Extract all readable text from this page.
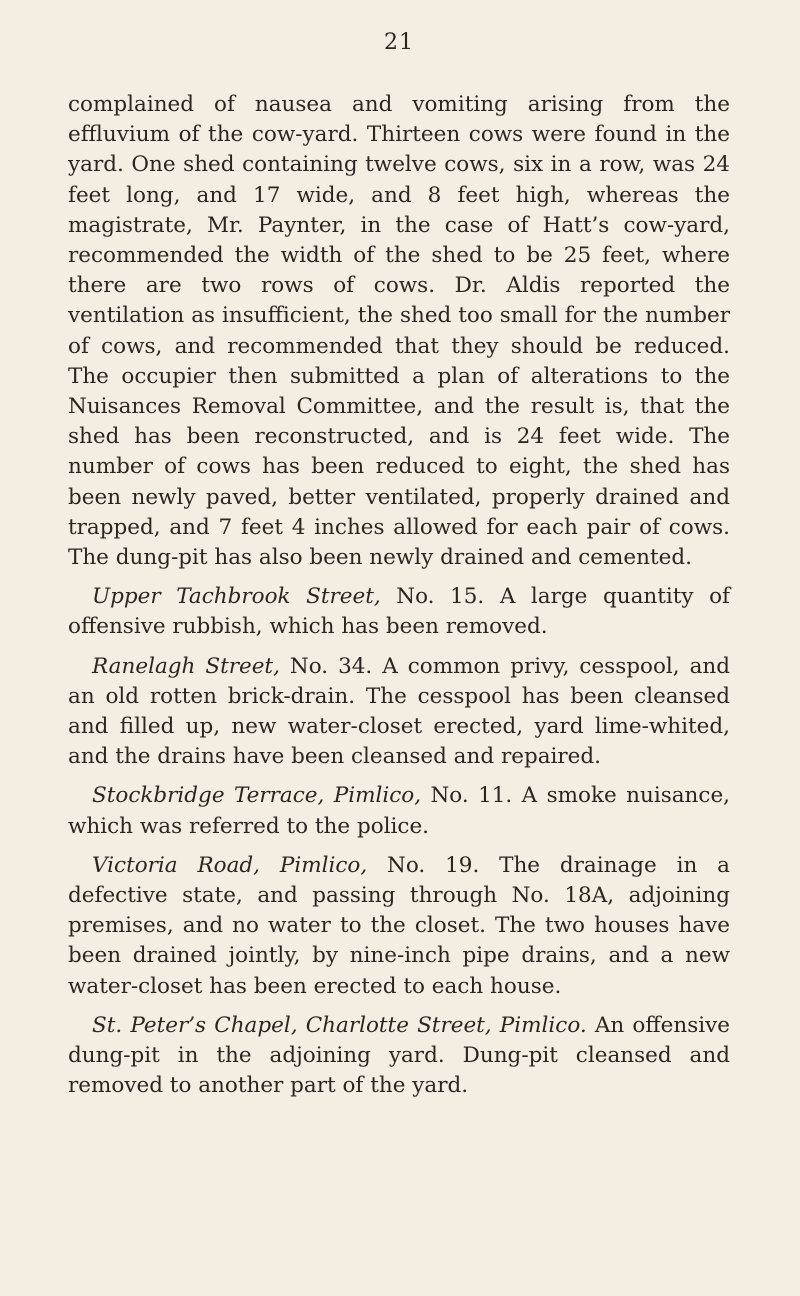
21

complained of nausea and vomiting arising from the effluvium of the cow-yard. Thirteen cows were found in the yard. One shed containing twelve cows, six in a row, was 24 feet long, and 17 wide, and 8 feet high, whereas the magistrate, Mr. Paynter, in the case of Hatt’s cow-yard, recommended the width of the shed to be 25 feet, where there are two rows of cows. Dr. Aldis reported the ventilation as insufficient, the shed too small for the number of cows, and recommended that they should be reduced. The occupier then submitted a plan of alterations to the Nuisances Removal Committee, and the result is, that the shed has been reconstructed, and is 24 feet wide. The number of cows has been reduced to eight, the shed has been newly paved, better ventilated, properly drained and trapped, and 7 feet 4 inches allowed for each pair of cows. The dung-pit has also been newly drained and cemented.

Upper Tachbrook Street, No. 15. A large quantity of offensive rubbish, which has been removed.

Ranelagh Street, No. 34. A common privy, cesspool, and an old rotten brick-drain. The cesspool has been cleansed and filled up, new water-closet erected, yard lime-whited, and the drains have been cleansed and repaired.

Stockbridge Terrace, Pimlico, No. 11. A smoke nuisance, which was referred to the police.

Victoria Road, Pimlico, No. 19. The drainage in a defective state, and passing through No. 18A, adjoining premises, and no water to the closet. The two houses have been drained jointly, by nine-inch pipe drains, and a new water-closet has been erected to each house.

St. Peter’s Chapel, Charlotte Street, Pimlico. An offensive dung-pit in the adjoining yard. Dung-pit cleansed and removed to another part of the yard.
